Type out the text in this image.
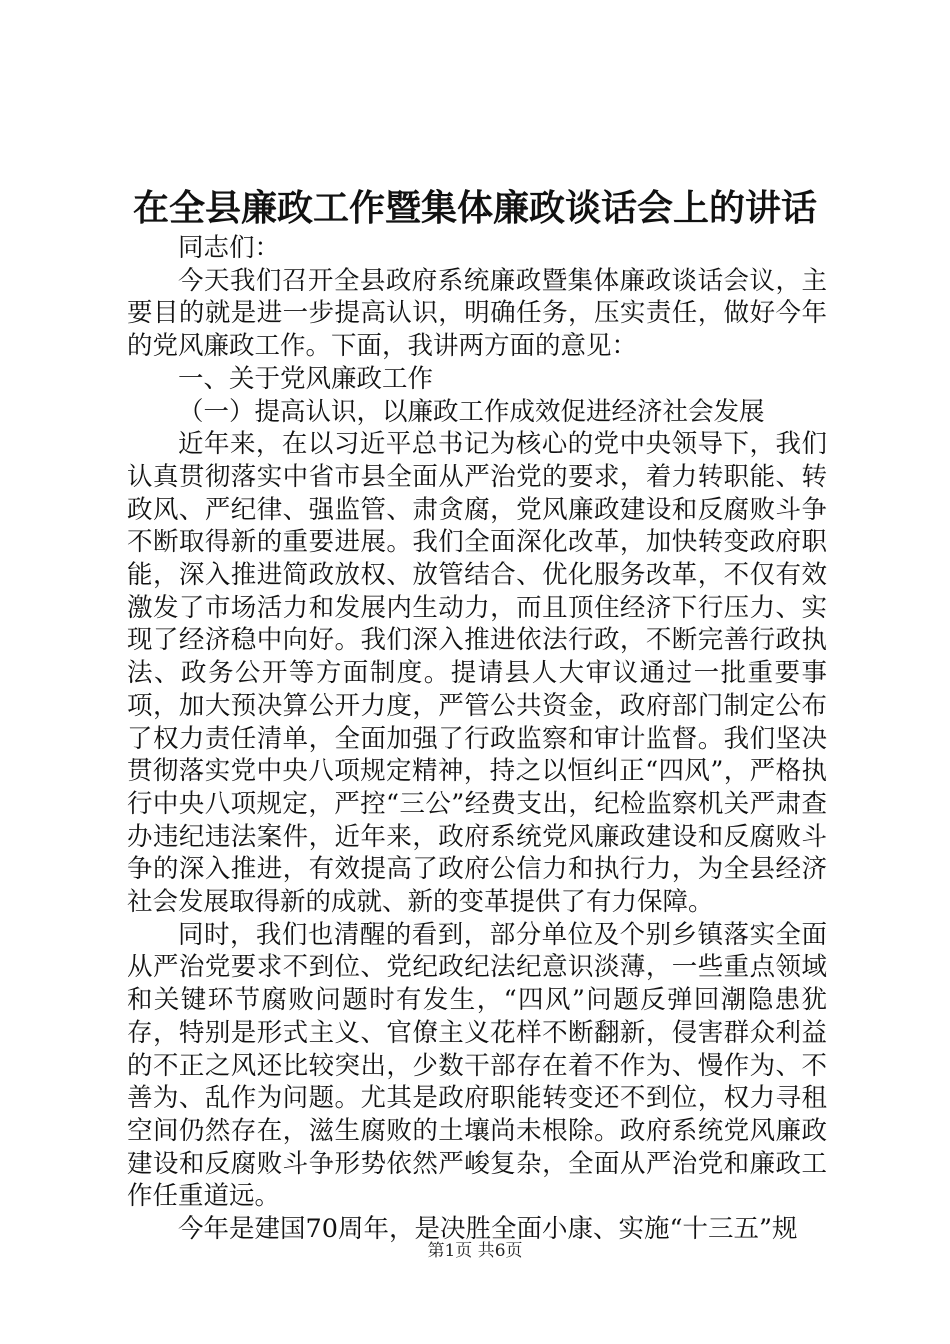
在全县廉政工作暨集体廉政谈话会上的讲话

同志们：

今天我们召开全县政府系统廉政暨集体廉政谈话会议，主要目的就是进一步提高认识，明确任务，压实责任，做好今年的党风廉政工作。下面，我讲两方面的意见：

一、关于党风廉政工作

（一）提高认识，以廉政工作成效促进经济社会发展

近年来，在以习近平总书记为核心的党中央领导下，我们认真贯彻落实中省市县全面从严治党的要求，着力转职能、转政风、严纪律、强监管、肃贪腐，党风廉政建设和反腐败斗争不断取得新的重要进展。我们全面深化改革，加快转变政府职能，深入推进简政放权、放管结合、优化服务改革，不仅有效激发了市场活力和发展内生动力，而且顶住经济下行压力、实现了经济稳中向好。我们深入推进依法行政，不断完善行政执法、政务公开等方面制度。提请县人大审议通过一批重要事项，加大预决算公开力度，严管公共资金，政府部门制定公布了权力责任清单，全面加强了行政监察和审计监督。我们坚决贯彻落实党中央八项规定精神，持之以恒纠正“四风”，严格执行中央八项规定，严控“三公”经费支出，纪检监察机关严肃查办违纪违法案件，近年来，政府系统党风廉政建设和反腐败斗争的深入推进，有效提高了政府公信力和执行力，为全县经济社会发展取得新的成就、新的变革提供了有力保障。

同时，我们也清醒的看到，部分单位及个别乡镇落实全面从严治党要求不到位、党纪政纪法纪意识淡薄，一些重点领域和关键环节腐败问题时有发生，“四风”问题反弹回潮隐患犹存，特别是形式主义、官僚主义花样不断翻新，侵害群众利益的不正之风还比较突出，少数干部存在着不作为、慢作为、不善为、乱作为问题。尤其是政府职能转变还不到位，权力寻租空间仍然存在，滋生腐败的土壤尚未根除。政府系统党风廉政建设和反腐败斗争形势依然严峻复杂，全面从严治党和廉政工作任重道远。

今年是建国70周年，是决胜全面小康、实施“十三五”规

第1页 共6页
